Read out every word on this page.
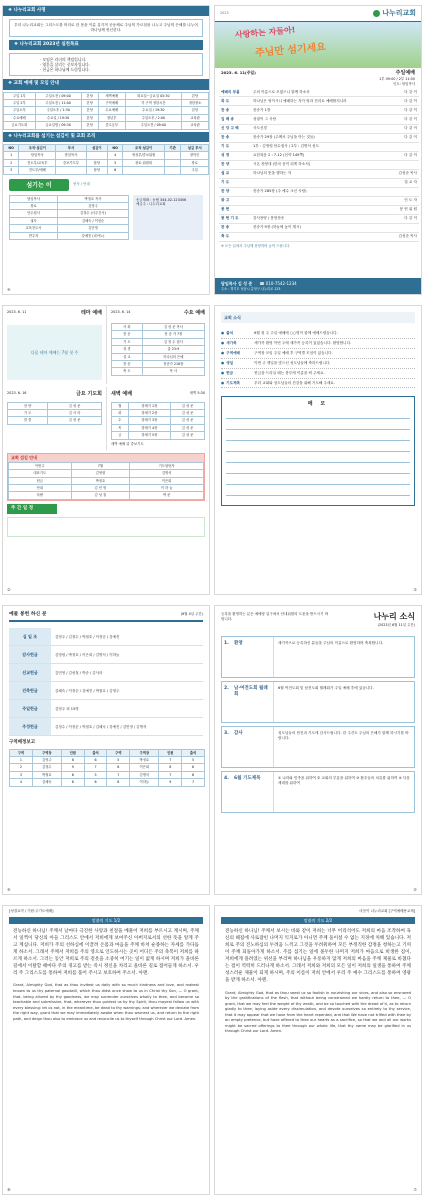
❖ 나누리교회 사명
우리 나누리교회는 그리스도를 머리로 한 몸을 이룬 유기적 공동체로 주님의 가르침을 나누고 주님의 은혜를 나누어 하나님께 헌신한다.
❖ 나누리교회 2023년 실천목표
· 모임은 리더의 책임입니다.
· 영혼을 살리는 중보자입니다.
· 헌금은 하나님께 드림입니다.
❖ 교회 예배 및 모임 안내
주일 1부	주일오전 / 09:00	본당	새벽예배	화요일~금요일 05:30	본당
주일 2부	주일오전 / 11:00	본당	구역예배	각 구역 정한시간	정한장소
주일오후	주일오후 / 1:30	본당	수요예배	수요일 / 19:30	본당
수요예배	수요일 / 19:30	본당	청년부	주일오후 / 2:00	교육관
금요기도회	금요일밤 / 09:30	본당	중고등부	주일오전 / 09:00	교육관
❖ 나누리교회를 섬기는 섬김이 및 교회 조직
NO	조직·섬김이	부서	섬김이	NO	조직·섬김이	기관	섬김 부서
1	담임목사	담임목사		4	영성부/중보위원		장덕인
2	전도부/교육부	중보기도부	담당	5	장로·위원회		장로
3	전도부/예배		담당	6			주일
섬기는 이	봉사 / 안내
담임목사	박철호 목사
장로	김영주
안수집사	김정수 (사무간사)
권사	김혜숙 / 이정순
교육전도사	김민영
반주자	강예진 (피아노)
송금계좌 : 농협 344-02-123456
예금주 : 나누리교회
④
2023	나누리교회
사랑하는 자들아!
주님만 섬기세요
2023. 6. 11(주일)	주일예배
1부 09:00 / 2부 11:00
인도: 담임목사
예배의 부름	주의 이름으로 모였으니 함께 하소서	다 같 이
묵 도	하나님은 영이시니 예배하는 자가 영과 진리로 예배할지니라	다 같 이
찬 송	찬송가 1장	다 같 이
입 례 송	성령이 그 사랑	다 같 이
신 앙 고 백	사도신경	다 같 이
찬 송	찬송가 29장 (주께서 주님을 아는 것들)	다 같 이
기 도	1부 : 김영렬 안수집사 / 2부 : 김명석 성도	
성 경	요한복음 2 : 7-12 (신약 149쪽)	다 같 이
찬 양	시온 찬양대 (한마 음이 되게 하소서)	
설 교	하나님의 뜻을 행하는 자	김성준 목사
기 도		설 교 자
찬 양	찬송가 285장 (주 예수 크신 사랑)	
광 고		인 도 자
봉 헌		봉 헌 위 원
봉 헌 기 도	감사찬양 / 봉헌찬송	다 같 이
찬 송	찬송가 9장 (하늘에 높이 계시)	
축 도		김성준 목사
※ 모든 입에서 주님께 찬양하며 높여 드립니다.
담임목사 김 성 준 ☎ 010-7542-1234
주소 : 경기도 성남시 분당구 나누리로 123
2023. 6. 11	테마 예배
다음 테마 예배는 7월 첫 주
2023. 6. 14	수요 예배
사 회	김 성 준 목사
찬 송	찬 송 가 7장
기 도	김 정 수 집사
성 경	출 23:9
설 교	하나님의 은혜
찬 송	찬송가 218장
축 도	목 사
2023. 6. 16	금요 기도회
찬 양	김 성 준
기 도	김 사 라
말 씀	김 성 준
새벽 예배	새벽 5:30
월	창세기 1장	김 성 준
화	창세기 2장	김 성 준
수	창세기 3장	김 성 준
목	창세기 4장	김 성 준
금	창세기 5장	김 성 준
새벽 예배 뒤 중보기도
교회 섬김 안내
이번주	7월	기도담당자
대표기도	김영렬	김명석
헌금	박정호	이은희
안내	김 민 영	이 하 늘
차량	김 성 철	박 준
주 간 일 정
②
교회 소식
● 출석	6월 첫 주 주일 예배에 ○○명이 함께 예배드렸습니다.
● 새가족	새가족 환영 이번 주에 새가족 등록이 있었습니다. 환영합니다.
● 구역예배	구역장 모임 주일 예배 후 구역별 모임이 있습니다.
● 생일	이번 주 생일을 맞으신 성도님들께 축하드립니다.
● 헌금	헌금을 드리실 때는 봉투에 이름을 써 주세요.
● 기도제목	우리 교회와 성도님들의 건강을 위해 기도해 주세요.
메 모
③
예물 봉헌 하신 분	(6월 4일 주간)
십 일 조	김영주 / 김정수 / 박철호 / 이정순 / 강예진
감사헌금	김영렬 / 박정호 / 이은희 / 김명석 / 이하늘
선교헌금	김민영 / 김성철 / 박준 / 김사라
건축헌금	김혜숙 / 이정순 / 강예진 / 박철호 / 김영주
주일헌금	김영주 외 15명
주정헌금	김정수 / 이정순 / 박철호 / 김혜숙 / 강예진 / 김민영 / 김명석
구역배정보고
구역	구역장	인원	출석	구역	구역장	인원	출석
1	김영주	8	6	5	박정호	7	5
2	김정수	9	7	6	이은희	8	6
3	박철호	6	5	7	김명석	7	6
4	김혜숙	8	6	8	이하늘	9	7
⑥
등록을 환영하는 분은 예배당 입구에서 안내위원의 도움을 받으시기 바랍니다.	나누리 소식
(2023년 6월 11일 주간)
1.	환영	새가족으로 등록하신 분들을 주님의 이름으로 환영하며 축복합니다.
2.	남·여전도회 월례회
6월 여전도회 및 남전도회 월례회가 주일 예배 후에 있습니다.
3.	감사	성도님들의 헌신과 기도에 감사드립니다. 한 주간도 주님의 은혜가 함께 하시기를 바랍니다.
4.	6월 기도제목	① 나라와 민족을 위하여 ② 교회의 부흥을 위하여 ③ 환우들의 치유를 위하여 ④ 다음 세대를 위하여
⑤
[성결요약 / 기원·주기도예배]
말씀의 기도 1/2
전능하신 하나님! 주께서 날마다 극진한 사랑과 친절을 베풀어 저희를 부르시고 계시며, 주께서 일찍이 당신의 아들 그리스도 안에서 저희에게 보여주신 아버지로서의 선한 뜻을 알게 주고 계십니다. 저희가 주의 선하심에 이끌려 온몸과 마음을 주께 바쳐 순종하는 자세를 가다듬게 하소서. 그래서 주께서 저희를 주의 영으로 인도하시는 곳이 어디든 주의 축복이 저희를 따르게 하소서. 그러는 동안 저희로 주의 겉옷을 소중히 여기는 일이 없게 하시며 저희가 올바른 길에서 이탈할 때마다 주의 경고를 받는 즉시 정신을 차리고 올바른 길로 접어들게 하소서. 우리 주 그리스도를 통하여 저희를 품어 주시고 보호하여 주소서. 아멘.
Grant, Almighty God, that as thou invitest us daily with so much kindness and love, and makest known to us thy paternal goodwill, which thou didst once show to us in Christ thy Son, — O grant, that, being allured by thy goodness, we may surrender ourselves wholly to thee, and become so teachable and submissive, that, wherever thou guidest us by thy Spirit, thou mayest follow us with every blessing: let us not, in the meantime, be dead to thy warnings; and wherever we deviate from the right way, grant that we may immediately awake when thou warnest us, and return to the right path, and deign thou also to embrace us and reconcile us to thyself through Christ our Lord. Amen.
⑧
마음이 나누리교회 [구역예배용교재]
말씀의 기도 2/2
전능하신 하나님! 주께서 보시는 바와 같이 저희는 너무 어리석어도 저희의 마음 조작하여 육신의 헤집에 사로잡힌 나머지 익지로가 아니면 주께 돌이설 수 없는 지경에 처해 있습니다. 저희로 주의 진노하심의 두려움 느끼고 그것을 두려워하여 모든 부정직한 감정을 청하는고 기꺼이 주께 되돌아가게 하소서. 주를 섬기는 일에 몰두한 나머지 저희가 마음으로 희생한 짐이, 저희에게 몰려었는 위선을 부리며 하나님을 우롱하지 않게 저희의 마음을 주께 제물로 바쳤다는 점이 역력히 드러나게 하소서. 그래서 저희와 저희의 모든 일이 저희의 일생을 통하여 주께 성스러운 제물이 되게 하시며, 주의 이름이 저희 안에서 우리 주 예수 그리스도를 통하여 영광을 받게 하소서. 아멘.
Grant, Almighty God, that as thou seest us so foolish in nourishing our vices, and also so ensnared by the gratifications of the flesh, that without being constrained we hardly return to thee, — O grant, that we may feel the weight of thy wrath, and be so touched with the dread of it, as to return gladly to thee, laying aside every dissimulation, and devote ourselves so entirely to thy service, that it may appear that we have from the heart repented, and that We have not trifled with thee by an empty pretence, but have offered to thee our hearts as a sacrifice, so that we and all our works might be sacred offerings to thee through our whole life, that thy name may be glorified in us through Christ our Lord. Amen.
⑦
